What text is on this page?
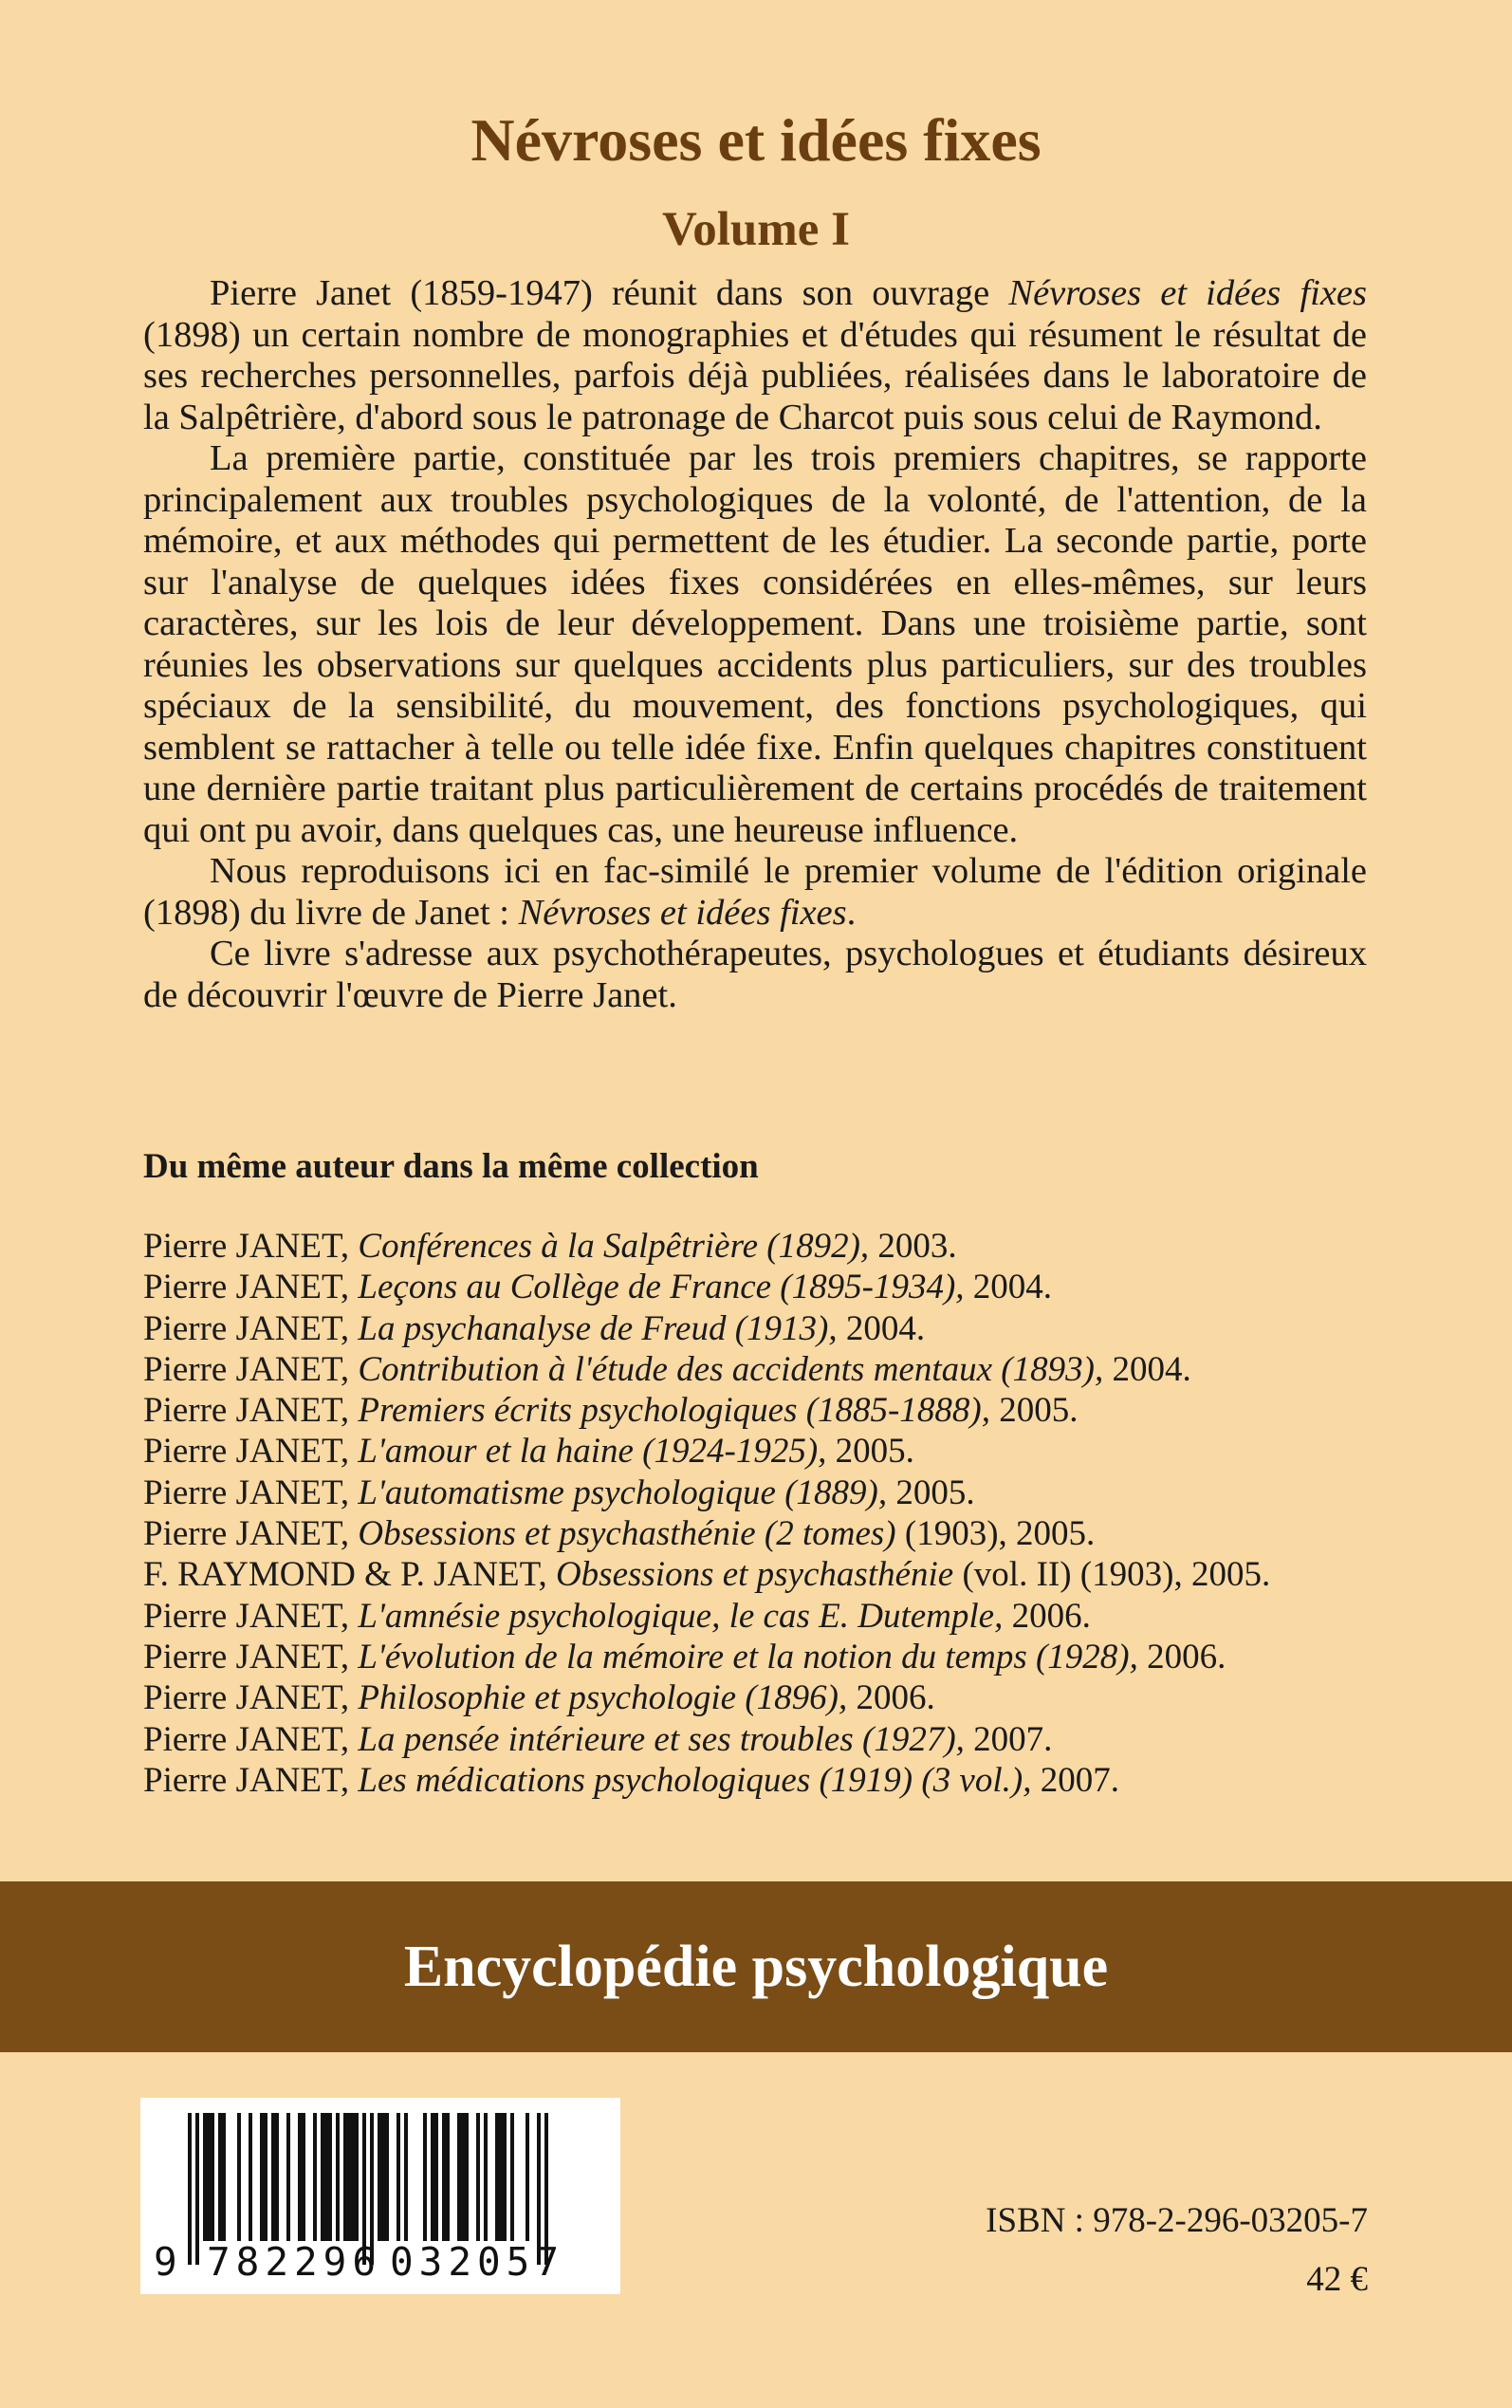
Névroses et idées fixes
Volume I

Pierre Janet (1859-1947) réunit dans son ouvrage Névroses et idées fixes (1898) un certain nombre de monographies et d'études qui résument le résultat de ses recherches personnelles, parfois déjà publiées, réalisées dans le laboratoire de la Salpêtrière, d'abord sous le patronage de Charcot puis sous celui de Raymond.

La première partie, constituée par les trois premiers chapitres, se rapporte principalement aux troubles psychologiques de la volonté, de l'attention, de la mémoire, et aux méthodes qui permettent de les étudier. La seconde partie, porte sur l'analyse de quelques idées fixes considérées en elles-mêmes, sur leurs caractères, sur les lois de leur développement. Dans une troisième partie, sont réunies les observations sur quelques accidents plus particuliers, sur des troubles spéciaux de la sensibilité, du mouvement, des fonctions psychologiques, qui semblent se rattacher à telle ou telle idée fixe. Enfin quelques chapitres constituent une dernière partie traitant plus particulièrement de certains procédés de traitement qui ont pu avoir, dans quelques cas, une heureuse influence.

Nous reproduisons ici en fac-similé le premier volume de l'édition originale (1898) du livre de Janet : Névroses et idées fixes.

Ce livre s'adresse aux psychothérapeutes, psychologues et étudiants désireux de découvrir l'œuvre de Pierre Janet.

Du même auteur dans la même collection
Pierre JANET, Conférences à la Salpêtrière (1892), 2003.
Pierre JANET, Leçons au Collège de France (1895-1934), 2004.
Pierre JANET, La psychanalyse de Freud (1913), 2004.
Pierre JANET, Contribution à l'étude des accidents mentaux (1893), 2004.
Pierre JANET, Premiers écrits psychologiques (1885-1888), 2005.
Pierre JANET, L'amour et la haine (1924-1925), 2005.
Pierre JANET, L'automatisme psychologique (1889), 2005.
Pierre JANET, Obsessions et psychasthénie (2 tomes) (1903), 2005.
F. RAYMOND & P. JANET, Obsessions et psychasthénie (vol. II) (1903), 2005.
Pierre JANET, L'amnésie psychologique, le cas E. Dutemple, 2006.
Pierre JANET, L'évolution de la mémoire et la notion du temps (1928), 2006.
Pierre JANET, Philosophie et psychologie (1896), 2006.
Pierre JANET, La pensée intérieure et ses troubles (1927), 2007.
Pierre JANET, Les médications psychologiques (1919) (3 vol.), 2007.
Encyclopédie psychologique
9 782296 032057
ISBN : 978-2-296-03205-7
42 €
